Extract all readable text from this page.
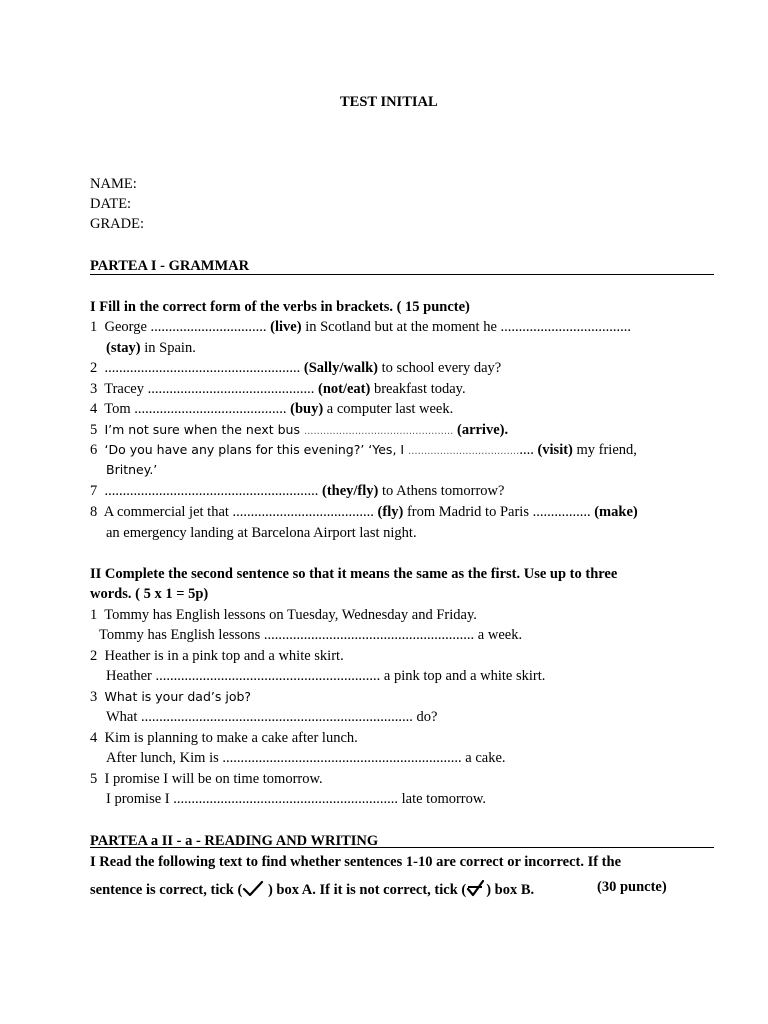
TEST INITIAL
NAME:
DATE:
GRADE:
PARTEA I - GRAMMAR
I Fill in the correct form of the verbs in brackets. ( 15 puncte)
1 George ................................ (live) in Scotland but at the moment he ....................................
(stay) in Spain.
2  ...................................................... (Sally/walk) to school every day?
3 Tracey .............................................. (not/eat) breakfast today.
4 Tom .......................................... (buy) a computer last week.
5 I’m not sure when the next bus ............................................... (arrive).
6 ‘Do you have any plans for this evening?’ ‘Yes, I ....................................... (visit) my friend,
Britney.’
7  ........................................................... (they/fly) to Athens tomorrow?
8 A commercial jet that ....................................... (fly) from Madrid to Paris ................ (make)
an emergency landing at Barcelona Airport last night.
II Complete the second sentence so that it means the same as the first. Use up to three
words. ( 5 x 1 = 5p)
1 Tommy has English lessons on Tuesday, Wednesday and Friday.
Tommy has English lessons .......................................................... a week.
2 Heather is in a pink top and a white skirt.
Heather .............................................................. a pink top and a white skirt.
3 What is your dad’s job?
What ........................................................................... do?
4 Kim is planning to make a cake after lunch.
After lunch, Kim is .................................................................. a cake.
5 I promise I will be on time tomorrow.
I promise I .............................................................. late tomorrow.
PARTEA a II - a - READING AND WRITING
I Read the following text to find whether sentences 1-10 are correct or incorrect. If the
sentence is correct, tick ( ) box A. If it is not correct, tick ( ) box B.	(30 puncte)
